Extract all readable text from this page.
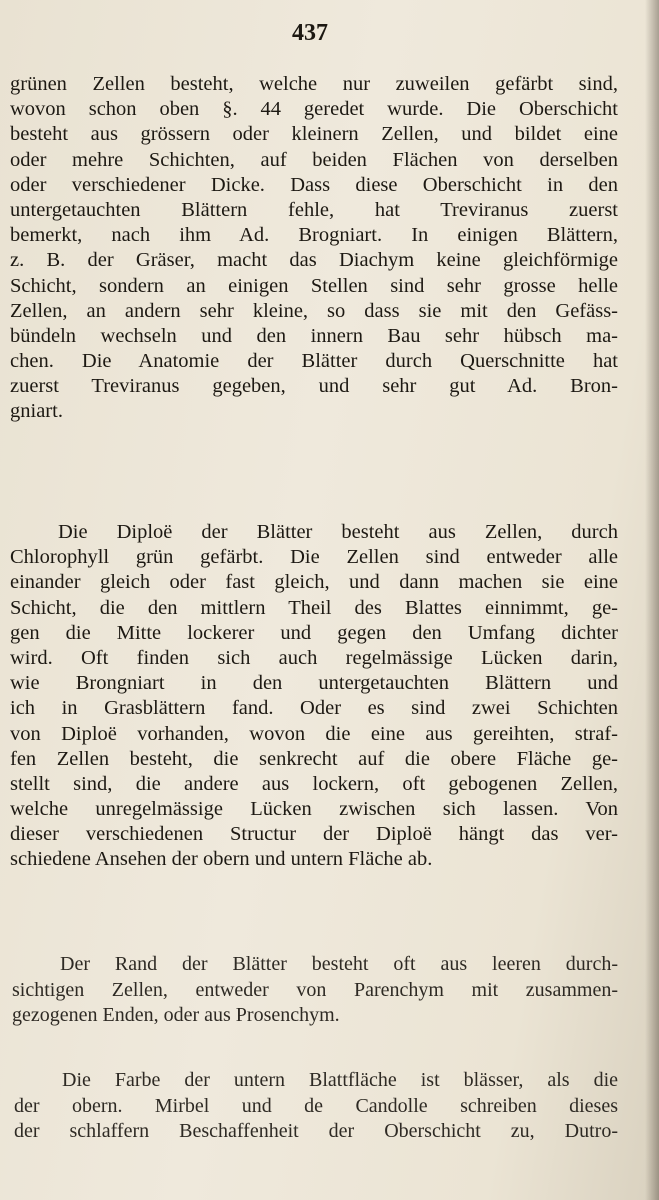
437
grünen Zellen besteht, welche nur zuweilen gefärbt sind,
wovon schon oben §. 44 geredet wurde. Die Oberschicht
besteht aus grössern oder kleinern Zellen, und bildet eine
oder mehre Schichten, auf beiden Flächen von derselben
oder verschiedener Dicke. Dass diese Oberschicht in den
untergetauchten Blättern fehle, hat Treviranus zuerst
bemerkt, nach ihm Ad. Brogniart. In einigen Blättern,
z. B. der Gräser, macht das Diachym keine gleichförmige
Schicht, sondern an einigen Stellen sind sehr grosse helle
Zellen, an andern sehr kleine, so dass sie mit den Gefäss-
bündeln wechseln und den innern Bau sehr hübsch ma-
chen. Die Anatomie der Blätter durch Querschnitte hat
zuerst Treviranus gegeben, und sehr gut Ad. Bron-
gniart.
Die Diploë der Blätter besteht aus Zellen, durch
Chlorophyll grün gefärbt. Die Zellen sind entweder alle
einander gleich oder fast gleich, und dann machen sie eine
Schicht, die den mittlern Theil des Blattes einnimmt, ge-
gen die Mitte lockerer und gegen den Umfang dichter
wird. Oft finden sich auch regelmässige Lücken darin,
wie Brongniart in den untergetauchten Blättern und
ich in Grasblättern fand. Oder es sind zwei Schichten
von Diploë vorhanden, wovon die eine aus gereihten, straf-
fen Zellen besteht, die senkrecht auf die obere Fläche ge-
stellt sind, die andere aus lockern, oft gebogenen Zellen,
welche unregelmässige Lücken zwischen sich lassen. Von
dieser verschiedenen Structur der Diploë hängt das ver-
schiedene Ansehen der obern und untern Fläche ab.
Der Rand der Blätter besteht oft aus leeren durch-
sichtigen Zellen, entweder von Parenchym mit zusammen-
gezogenen Enden, oder aus Prosenchym.
Die Farbe der untern Blattfläche ist blässer, als die
der obern. Mirbel und de Candolle schreiben dieses
der schlaffern Beschaffenheit der Oberschicht zu, Dutro-
